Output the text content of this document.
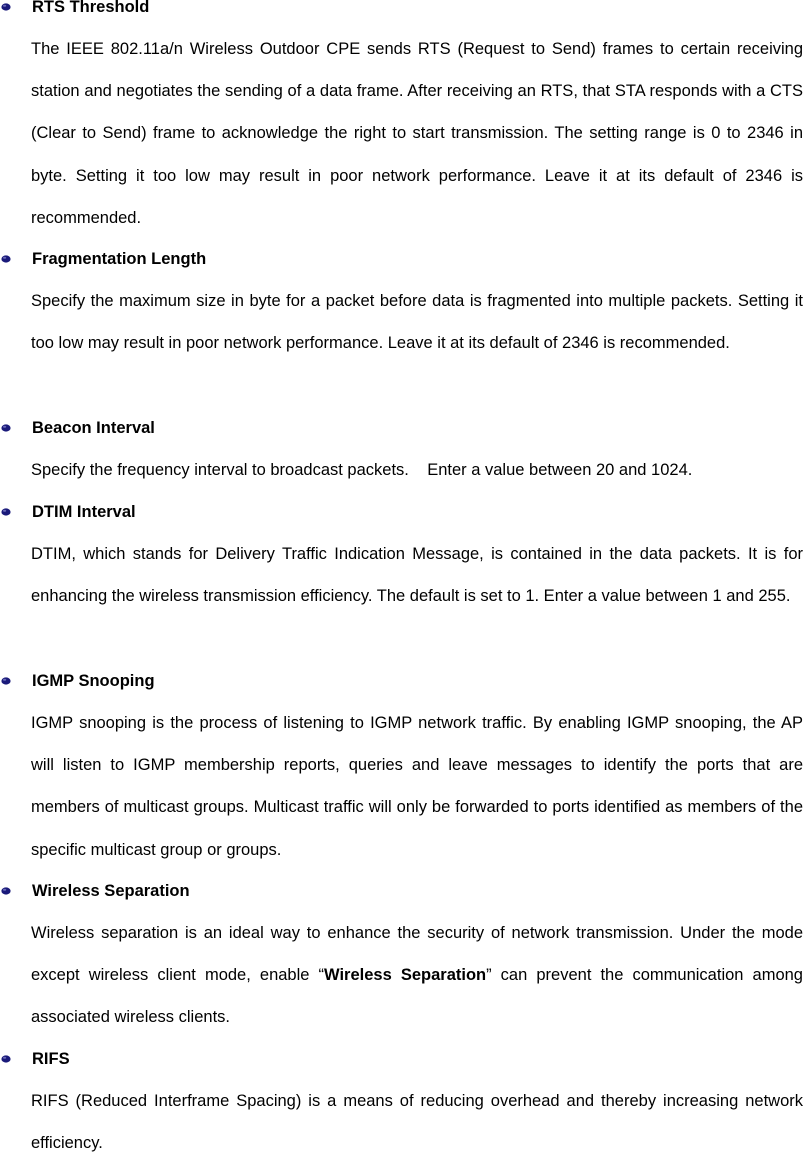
RTS Threshold
The IEEE 802.11a/n Wireless Outdoor CPE sends RTS (Request to Send) frames to certain receiving station and negotiates the sending of a data frame. After receiving an RTS, that STA responds with a CTS (Clear to Send) frame to acknowledge the right to start transmission. The setting range is 0 to 2346 in byte. Setting it too low may result in poor network performance. Leave it at its default of 2346 is recommended.
Fragmentation Length
Specify the maximum size in byte for a packet before data is fragmented into multiple packets. Setting it too low may result in poor network performance. Leave it at its default of 2346 is recommended.
Beacon Interval
Specify the frequency interval to broadcast packets.    Enter a value between 20 and 1024.
DTIM Interval
DTIM, which stands for Delivery Traffic Indication Message, is contained in the data packets. It is for enhancing the wireless transmission efficiency. The default is set to 1. Enter a value between 1 and 255.
IGMP Snooping
IGMP snooping is the process of listening to IGMP network traffic. By enabling IGMP snooping, the AP will listen to IGMP membership reports, queries and leave messages to identify the ports that are members of multicast groups. Multicast traffic will only be forwarded to ports identified as members of the specific multicast group or groups.
Wireless Separation
Wireless separation is an ideal way to enhance the security of network transmission. Under the mode except wireless client mode, enable “Wireless Separation” can prevent the communication among associated wireless clients.
RIFS
RIFS (Reduced Interframe Spacing) is a means of reducing overhead and thereby increasing network efficiency.
